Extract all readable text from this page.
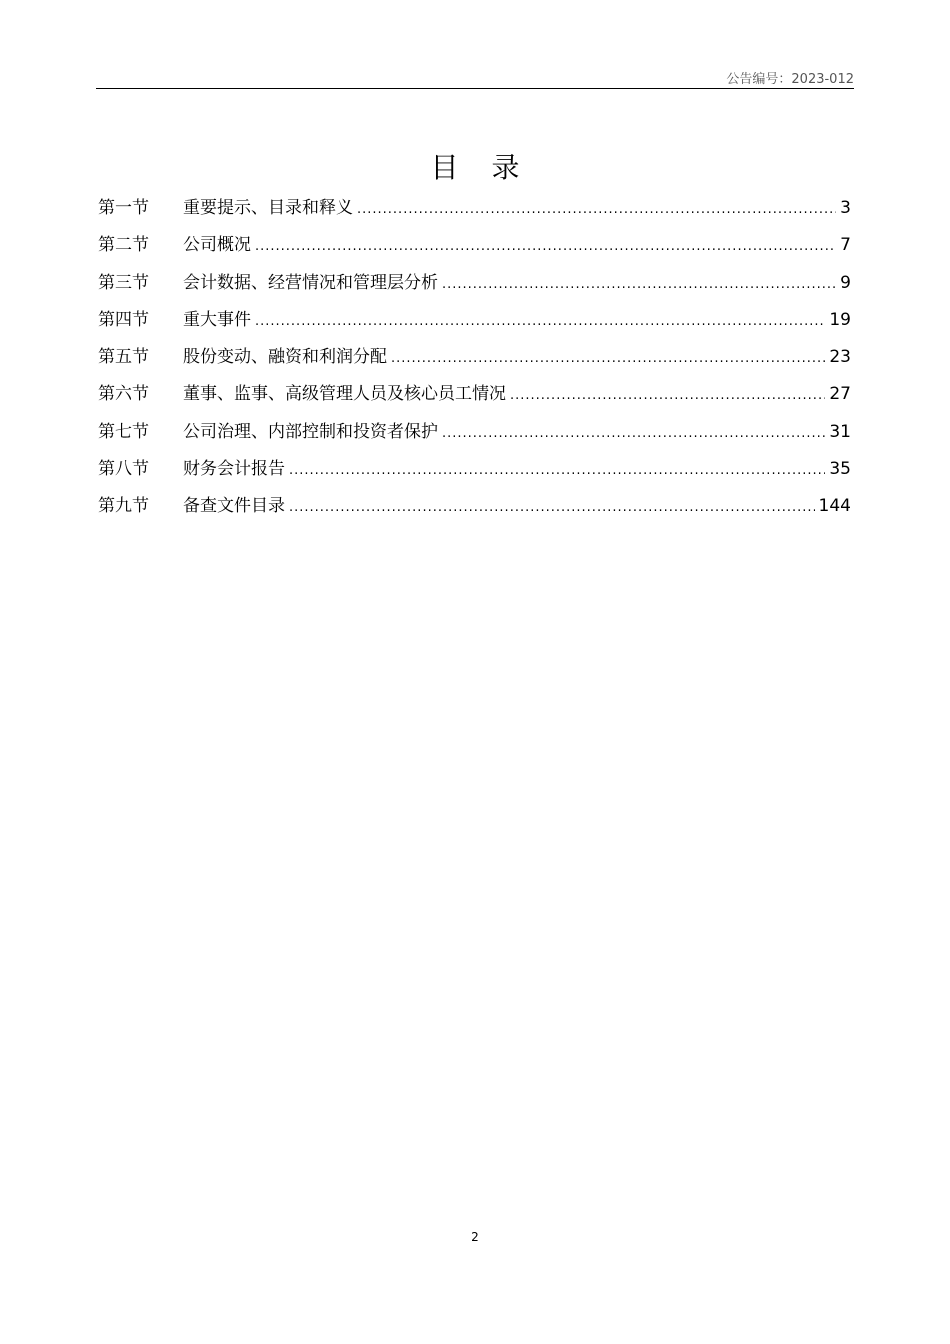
公告编号：2023-012
目 录
第一节	重要提示、目录和释义 .....	3
第二节	公司概况 .....	7
第三节	会计数据、经营情况和管理层分析 .....	9
第四节	重大事件 .....	19
第五节	股份变动、融资和利润分配 .....	23
第六节	董事、监事、高级管理人员及核心员工情况 .....	27
第七节	公司治理、内部控制和投资者保护 .....	31
第八节	财务会计报告 .....	35
第九节	备查文件目录 .....	144
2
